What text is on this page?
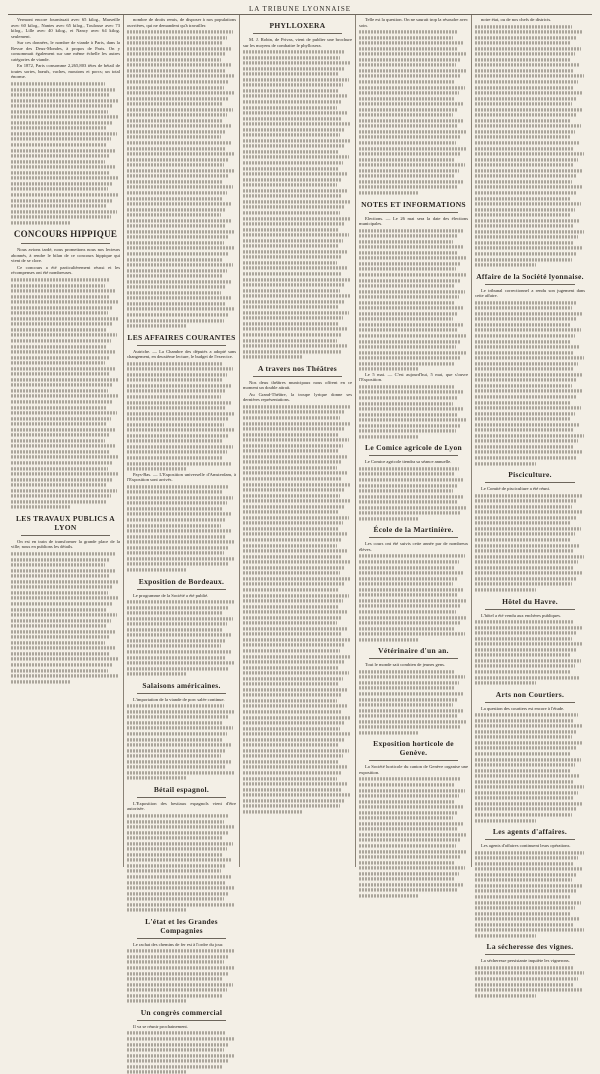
LA TRIBUNE LYONNAISE

Vermont encore fournissait avec 65 kilog., Marseille avec 60 kilog., Nantes avec 65 kilog., Toulouse avec 73 kilog., Lille avec 40 kilog., et Nancy avec 64 kilog. seulement.

Sur ces données, le nombre de viande à Paris, dans la Revue des Deux-Mondes, à propos de Paris. On y consommait également sur une même échelle les autres catégories de viande.

En 1872, Paris consomme 2,265,803 têtes de bétail de toutes sortes, bœufs, vaches, moutons et porcs; un total énorme.

CONCOURS HIPPIQUE

Nous avions tardé, nous promettons nous nos lecteurs abonnés, à rendre le bilan de ce concours hippique qui vient de se clore.

Ce concours a été particulièrement réussi et les récompenses ont été nombreuses.

LES TRAVAUX PUBLICS A LYON

On est en train de transformer la grande place de la ville; nous en publions les détails.

nombre de droits remis, de disposer à nos populations ouvrières, qui ne demandent qu'à travailler.

LES AFFAIRES COURANTES

Autriche. — La Chambre des députés a adopté sans changement, en deuxième lecture, le budget de l'exercice.

Pays-Bas. — L'Exposition universelle d'Amsterdam, à l'Exposition sont arrivés.

Exposition de Bordeaux.

Le programme de la Société a été publié.

Salaisons américaines.

L'importation de la viande de porc salée continue.

Bétail espagnol.

L'Exposition des bestiaux espagnols vient d'être autorisée.

L'état et les Grandes Compagnies

Le rachat des chemins de fer est à l'ordre du jour.

Un congrès commercial

Il va se réunir prochainement.

PHYLLOXERA

M. J. Robin, de Privas, vient de publier une brochure sur les moyens de combattre le phylloxera.

A travers nos Théâtres

Nos deux théâtres municipaux nous offrent en ce moment un double attrait.

Au Grand-Théâtre, la troupe lyrique donne ses dernières représentations.

Telle est la question. On ne saurait trop la résoudre avec soin.

NOTES ET INFORMATIONS

Elections. — Le 26 mai sera la date des élections municipales.

Le 5 mai. — C'est aujourd'hui, 5 mai, que s'ouvre l'Exposition.

Le Comice agricole de Lyon

Le Comice agricole tiendra sa séance annuelle.

École de la Martinière.

Les cours ont été suivis cette année par de nombreux élèves.

Vétérinaire d'un an.

Tout le monde sait combien de jeunes gens.

Exposition horticole de Genève.

La Société horticole du canton de Genève organise une exposition.

notre état, ou de nos chefs de districts.

Affaire de la Société lyonnaise.

Le tribunal correctionnel a rendu son jugement dans cette affaire.

Pisciculture.

Le Comité de pisciculture a été réuni.

Hôtel du Havre.

L'hôtel a été vendu aux enchères publiques.

Arts non Courtiers.

La question des courtiers est encore à l'étude.

Les agents d'affaires.

Les agents d'affaires continuent leurs opérations.

La sécheresse des vignes.

La sécheresse persistante inquiète les vignerons.
